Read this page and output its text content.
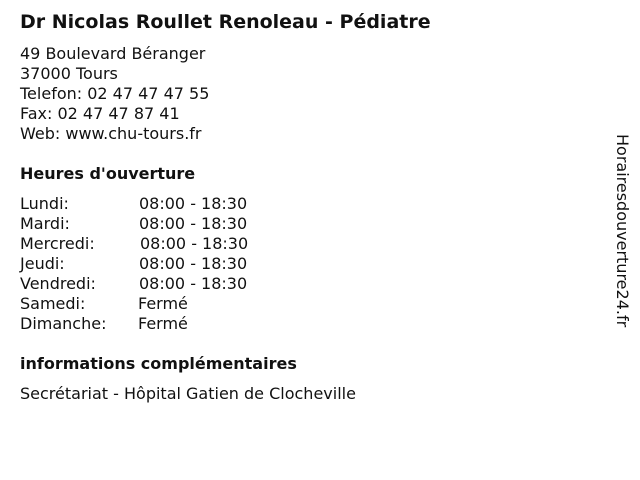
Dr Nicolas Roullet Renoleau - Pédiatre
49 Boulevard Béranger
37000 Tours
Telefon: 02 47 47 47 55
Fax: 02 47 47 87 41
Web: www.chu-tours.fr
Heures d'ouverture
Lundi:	08:00 - 18:30
Mardi:	08:00 - 18:30
Mercredi:	08:00 - 18:30
Jeudi:	08:00 - 18:30
Vendredi:	08:00 - 18:30
Samedi:	Fermé
Dimanche: Fermé
informations complémentaires
Secrétariat - Hôpital Gatien de Clocheville
Horairesdouverture24.fr
